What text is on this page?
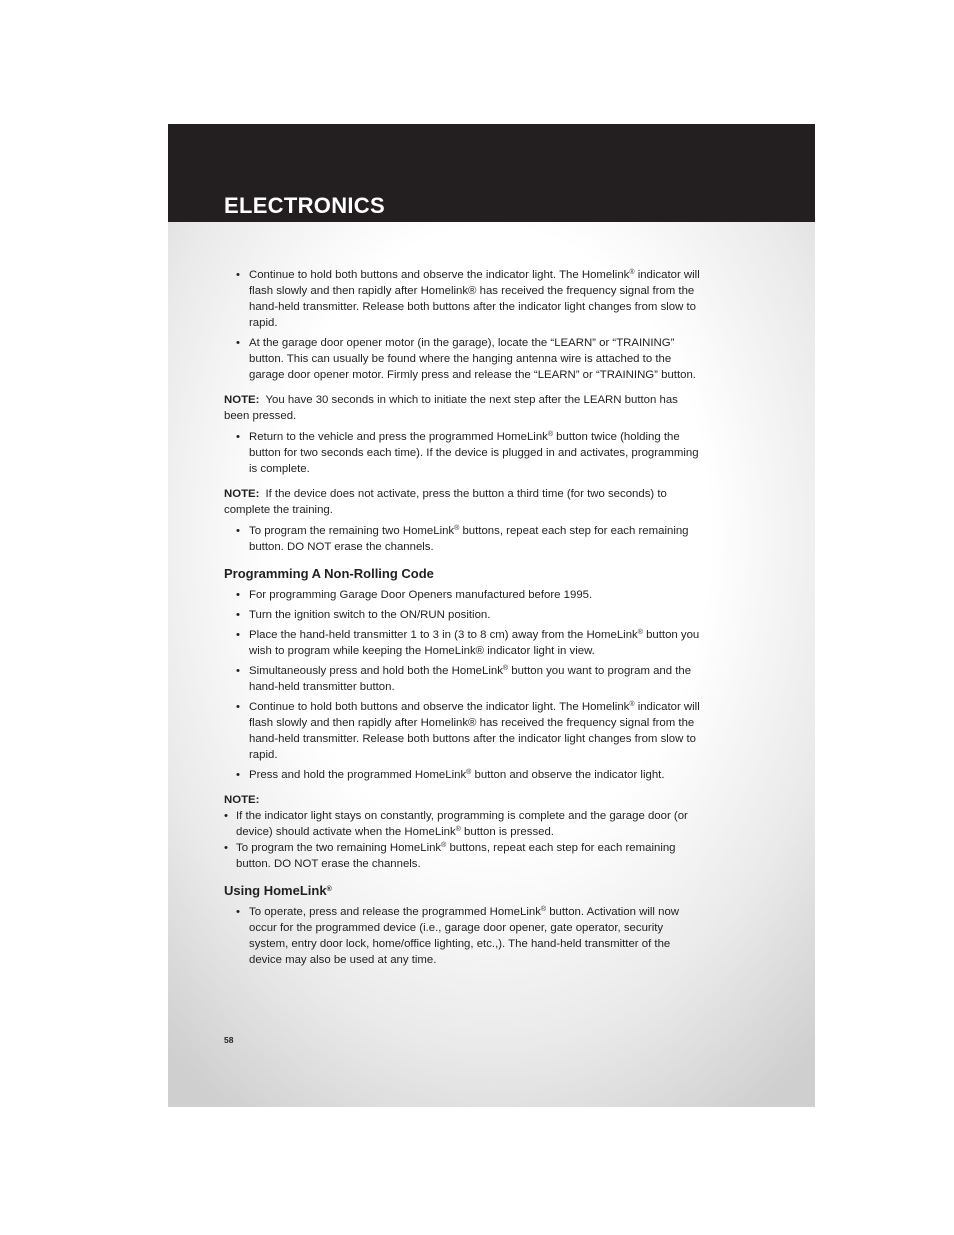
ELECTRONICS

• Continue to hold both buttons and observe the indicator light. The Homelink® indicator will flash slowly and then rapidly after Homelink® has received the frequency signal from the hand-held transmitter. Release both buttons after the indicator light changes from slow to rapid.

• At the garage door opener motor (in the garage), locate the “LEARN” or “TRAINING” button. This can usually be found where the hanging antenna wire is attached to the garage door opener motor. Firmly press and release the “LEARN” or “TRAINING” button.

NOTE: You have 30 seconds in which to initiate the next step after the LEARN button has been pressed.

• Return to the vehicle and press the programmed HomeLink® button twice (holding the button for two seconds each time). If the device is plugged in and activates, programming is complete.

NOTE: If the device does not activate, press the button a third time (for two seconds) to complete the training.

• To program the remaining two HomeLink® buttons, repeat each step for each remaining button. DO NOT erase the channels.

Programming A Non-Rolling Code

• For programming Garage Door Openers manufactured before 1995.

• Turn the ignition switch to the ON/RUN position.

• Place the hand-held transmitter 1 to 3 in (3 to 8 cm) away from the HomeLink® button you wish to program while keeping the HomeLink® indicator light in view.

• Simultaneously press and hold both the HomeLink® button you want to program and the hand-held transmitter button.

• Continue to hold both buttons and observe the indicator light. The Homelink® indicator will flash slowly and then rapidly after Homelink® has received the frequency signal from the hand-held transmitter. Release both buttons after the indicator light changes from slow to rapid.

• Press and hold the programmed HomeLink® button and observe the indicator light.

NOTE:

• If the indicator light stays on constantly, programming is complete and the garage door (or device) should activate when the HomeLink® button is pressed.

• To program the two remaining HomeLink® buttons, repeat each step for each remaining button. DO NOT erase the channels.

Using HomeLink®

• To operate, press and release the programmed HomeLink® button. Activation will now occur for the programmed device (i.e., garage door opener, gate operator, security system, entry door lock, home/office lighting, etc.,). The hand-held transmitter of the device may also be used at any time.

58
